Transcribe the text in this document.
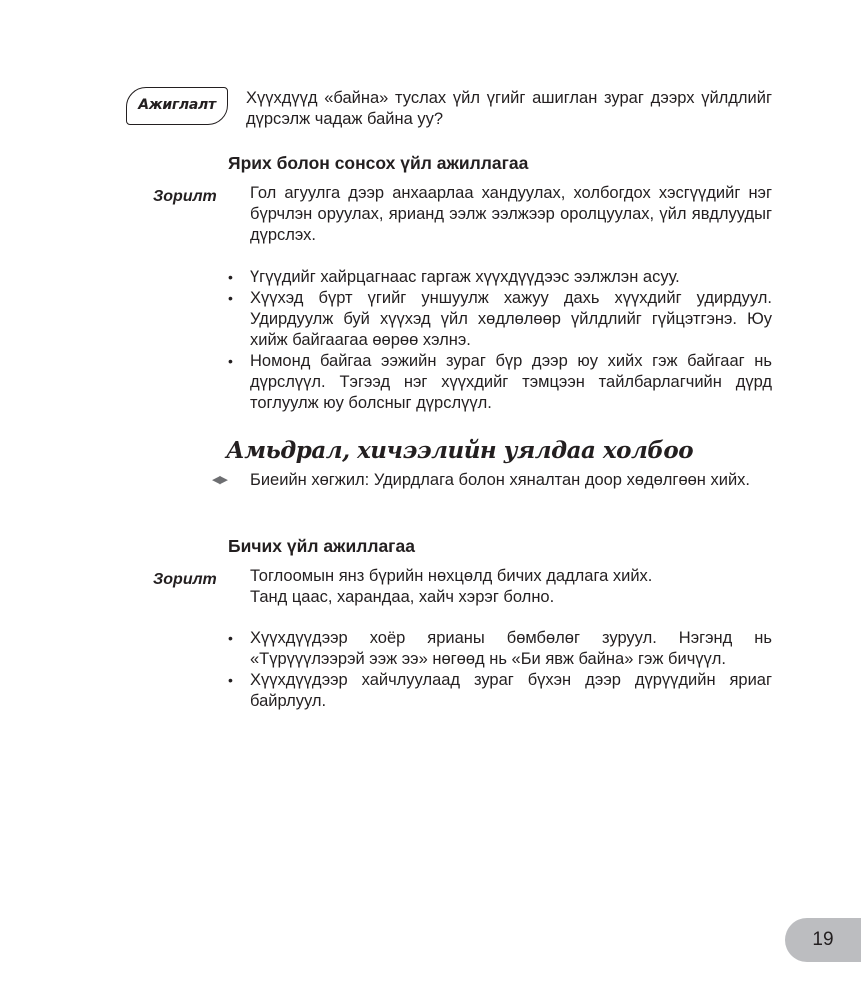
Ажиглалт	Хүүхдүүд «байна» туслах үйл үгийг ашиглан зураг дээрх үйлдлийг дүрсэлж чадаж байна уу?
Ярих болон сонсох үйл ажиллагаа
Зорилт Гол агуулга дээр анхаарлаа хандуулах, холбогдох хэсгүүдийг нэг бүрчлэн оруулах, ярианд ээлж ээлжээр оролцуулах, үйл явдлуудыг дүрслэх.
• Үгүүдийг хайрцагнаас гаргаж хүүхдүүдээс ээлжлэн асуу.
• Хүүхэд бүрт үгийг уншуулж хажуу дахь хүүхдийг удирдуул. Удирдуулж буй хүүхэд үйл хөдлөлөөр үйлдлийг гүйцэтгэнэ. Юу хийж байгаагаа өөрөө хэлнэ.
• Номонд байгаа ээжийн зураг бүр дээр юу хийх гэж байгааг нь дүрслүүл. Тэгээд нэг хүүхдийг тэмцээн тайлбарлагчийн дүрд тоглуулж юу болсныг дүрслүүл.
Амьдрал, хичээлийн уялдаа холбоо
◀▶ Биеийн хөгжил: Удирдлага болон хяналтан доор хөдөлгөөн хийх.
Бичих үйл ажиллагаа
Зорилт Тоглоомын янз бүрийн нөхцөлд бичих дадлага хийх.
Танд цаас, харандаа, хайч хэрэг болно.
• Хүүхдүүдээр хоёр ярианы бөмбөлөг зуруул. Нэгэнд нь «Түрүүүлээрэй ээж ээ» нөгөөд нь «Би явж байна» гэж бичүүл.
• Хүүхдүүдээр хайчлуулаад зураг бүхэн дээр дүрүүдийн яриаг байрлуул.
19
